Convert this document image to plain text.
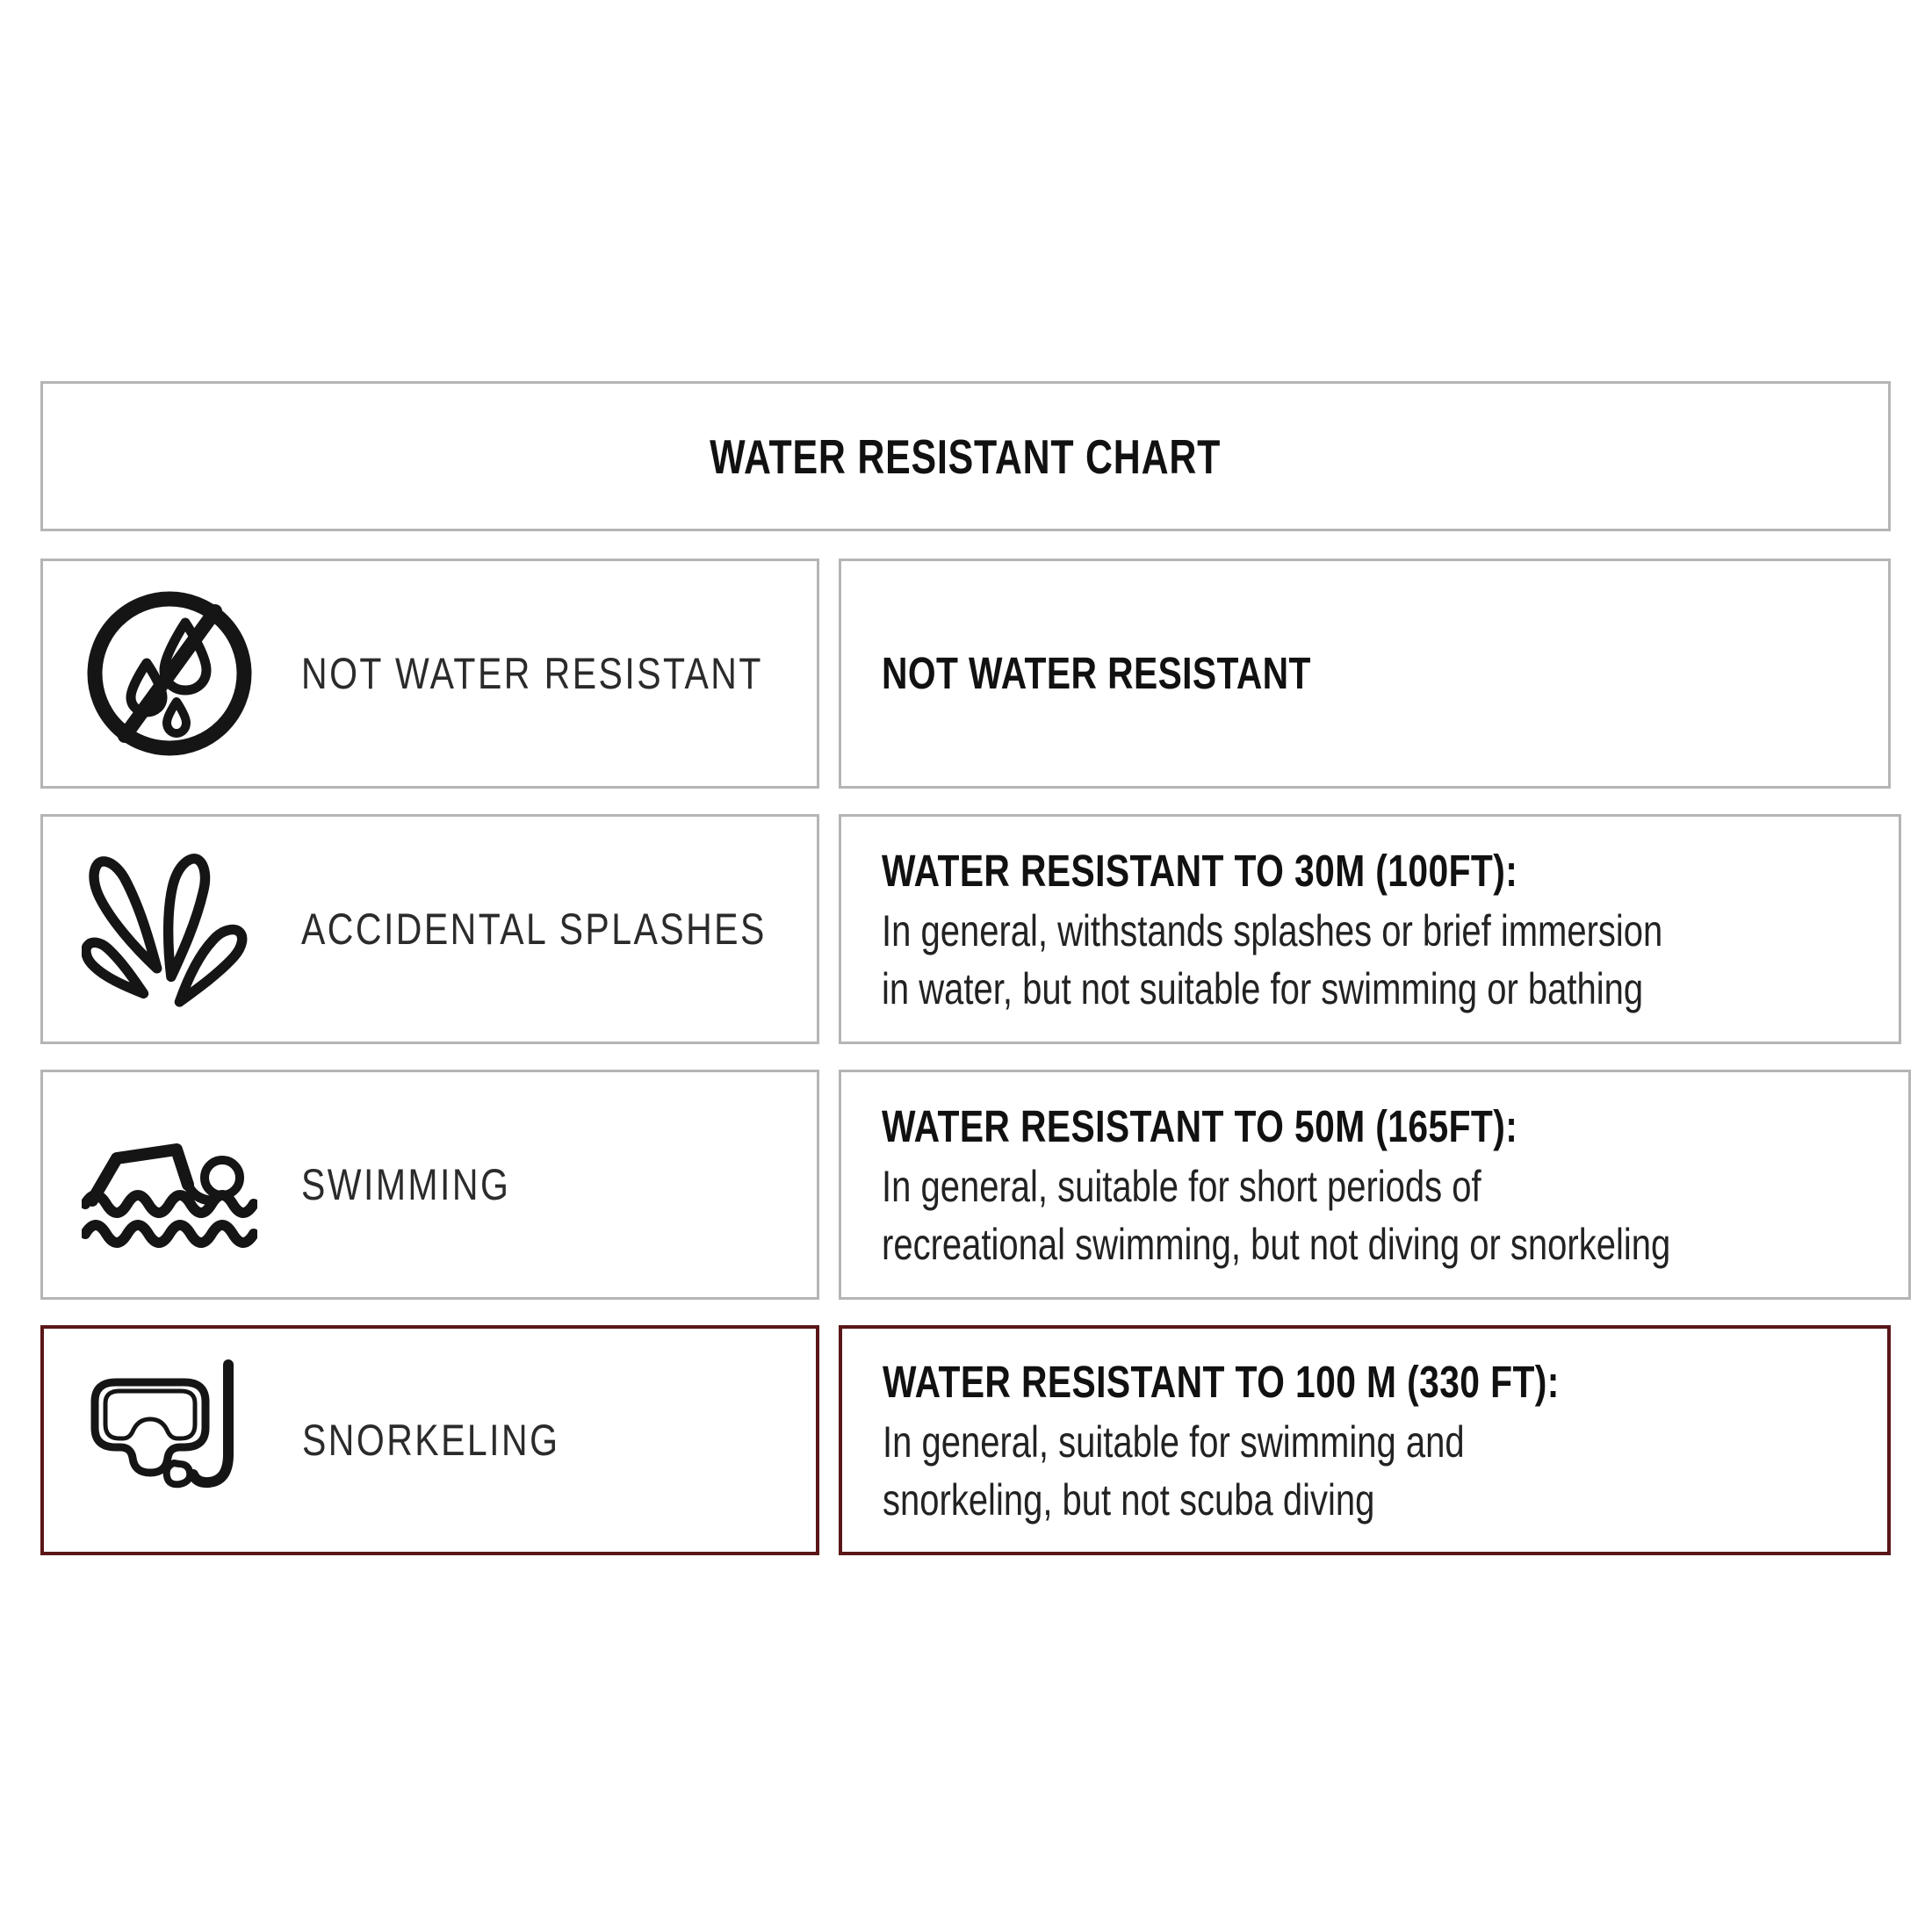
WATER RESISTANT CHART
NOT WATER RESISTANT	NOT WATER RESISTANT
ACCIDENTAL SPLASHES
WATER RESISTANT TO 30M (100FT):
In general, withstands splashes or brief immersion
in water, but not suitable for swimming or bathing
SWIMMING
WATER RESISTANT TO 50M (165FT):
In general, suitable for short periods of
recreational swimming, but not diving or snorkeling
SNORKELING
WATER RESISTANT TO 100 M (330 FT):
In general, suitable for swimming and
snorkeling, but not scuba diving
